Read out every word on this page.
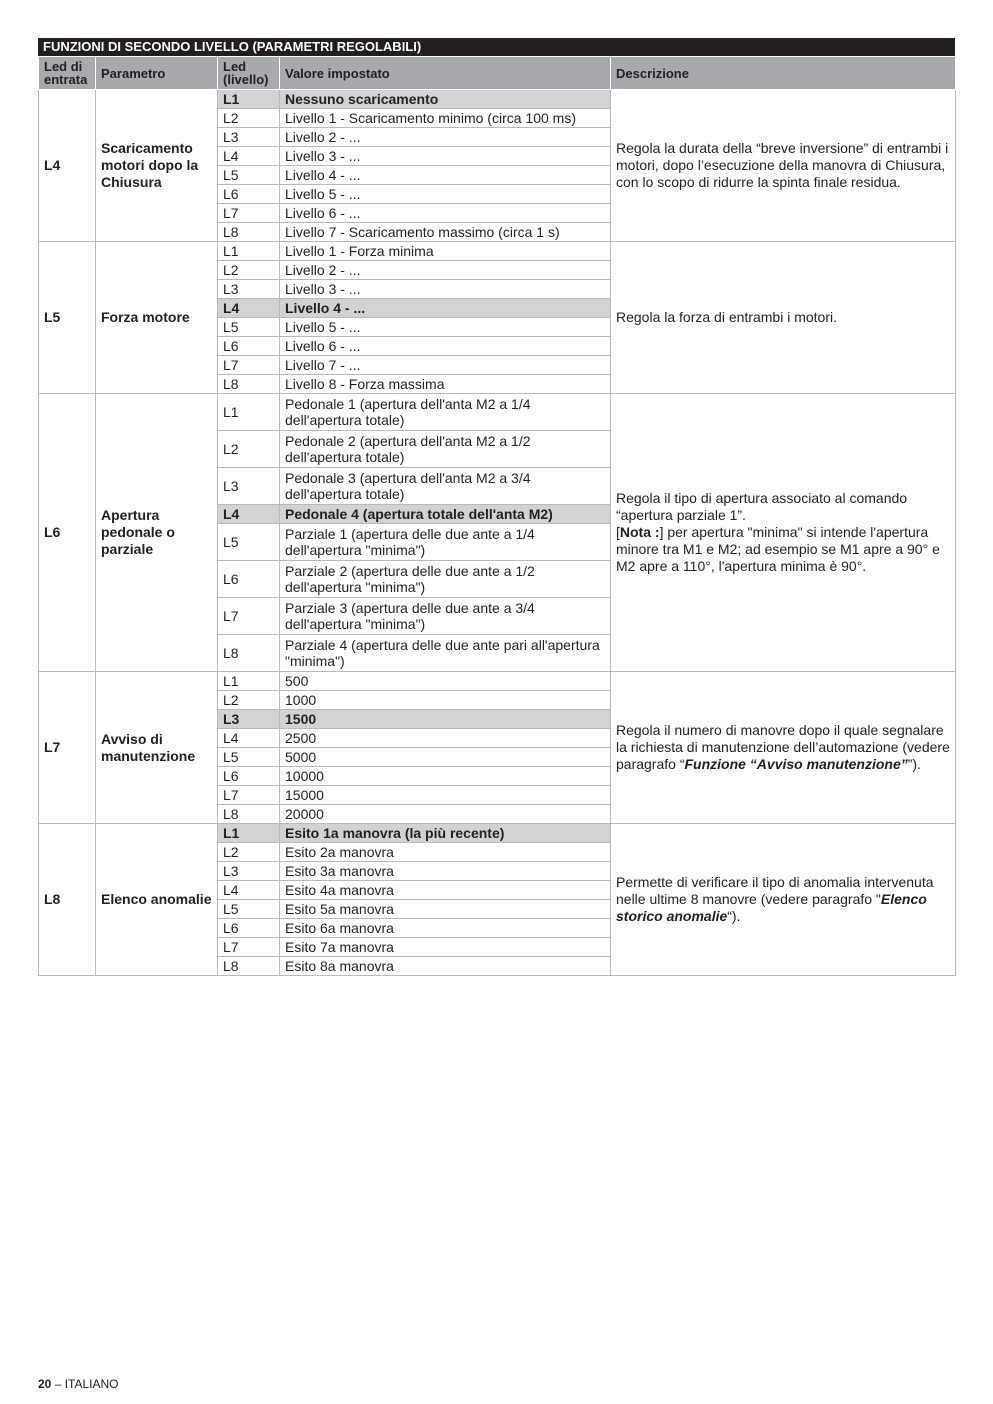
FUNZIONI DI SECONDO LIVELLO (PARAMETRI REGOLABILI)
Led di entrata	Parametro	Led (livello)	Valore impostato	Descrizione
L4	Scaricamento motori dopo la Chiusura	L1	Nessuno scaricamento	Regola la durata della “breve inversione” di entrambi i motori, dopo l’esecuzione della manovra di Chiusura, con lo scopo di ridurre la spinta finale residua.
		L2	Livello 1 - Scaricamento minimo (circa 100 ms)	
		L3	Livello 2 - ...	
		L4	Livello 3 - ...	
		L5	Livello 4 - ...	
		L6	Livello 5 - ...	
		L7	Livello 6 - ...	
		L8	Livello 7 - Scaricamento massimo (circa 1 s)	
L5	Forza motore	L1	Livello 1 - Forza minima	Regola la forza di entrambi i motori.
		L2	Livello 2 - ...	
		L3	Livello 3 - ...	
		L4	Livello 4 - ...	
		L5	Livello 5 - ...	
		L6	Livello 6 - ...	
		L7	Livello 7 - ...	
		L8	Livello 8 - Forza massima	
L6	Apertura pedonale o parziale	L1	Pedonale 1 (apertura dell'anta M2 a 1/4 dell'apertura totale)	Regola il tipo di apertura associato al comando “apertura parziale 1”.
[Nota :] per apertura "minima" si intende l'apertura minore tra M1 e M2; ad esempio se M1 apre a 90° e M2 apre a 110°, l'apertura minima è 90°.
		L2	Pedonale 2 (apertura dell'anta M2 a 1/2 dell'apertura totale)	
		L3	Pedonale 3 (apertura dell'anta M2 a 3/4 dell'apertura totale)	
		L4	Pedonale 4 (apertura totale dell'anta M2)	
		L5	Parziale 1 (apertura delle due ante a 1/4 dell'apertura "minima")	
		L6	Parziale 2 (apertura delle due ante a 1/2 dell'apertura "minima")	
		L7	Parziale 3 (apertura delle due ante a 3/4 dell'apertura "minima")	
		L8	Parziale 4 (apertura delle due ante pari all'apertura "minima")	
L7	Avviso di manutenzione	L1	500	Regola il numero di manovre dopo il quale segnalare la richiesta di manutenzione dell’automazione (vedere paragrafo “Funzione “Avviso manutenzione””).
		L2	1000	
		L3	1500	
		L4	2500	
		L5	5000	
		L6	10000	
		L7	15000	
		L8	20000	
L8	Elenco anomalie	L1	Esito 1a manovra (la più recente)	Permette di verificare il tipo di anomalia intervenuta nelle ultime 8 manovre (vedere paragrafo "Elenco storico anomalie“).
		L2	Esito 2a manovra	
		L3	Esito 3a manovra	
		L4	Esito 4a manovra	
		L5	Esito 5a manovra	
		L6	Esito 6a manovra	
		L7	Esito 7a manovra	
		L8	Esito 8a manovra	
20 – ITALIANO
